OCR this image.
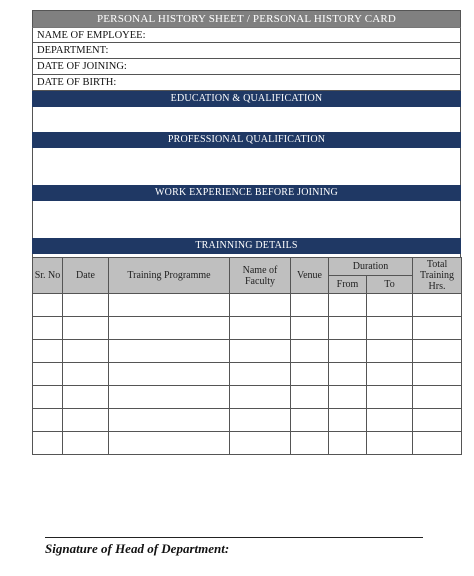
PERSONAL HISTORY SHEET / PERSONAL HISTORY CARD
NAME OF EMPLOYEE:
DEPARTMENT:
DATE OF JOINING:
DATE OF BIRTH:
EDUCATION & QUALIFICATION
PROFESSIONAL QUALIFICATION
WORK EXPERIENCE BEFORE JOINING
TRAINNING DETAILS
Sr. No	Date	Training Programme	Name of Faculty	Venue	Duration		Total Training Hrs.
					From	To	

Signature of Head of Department:
